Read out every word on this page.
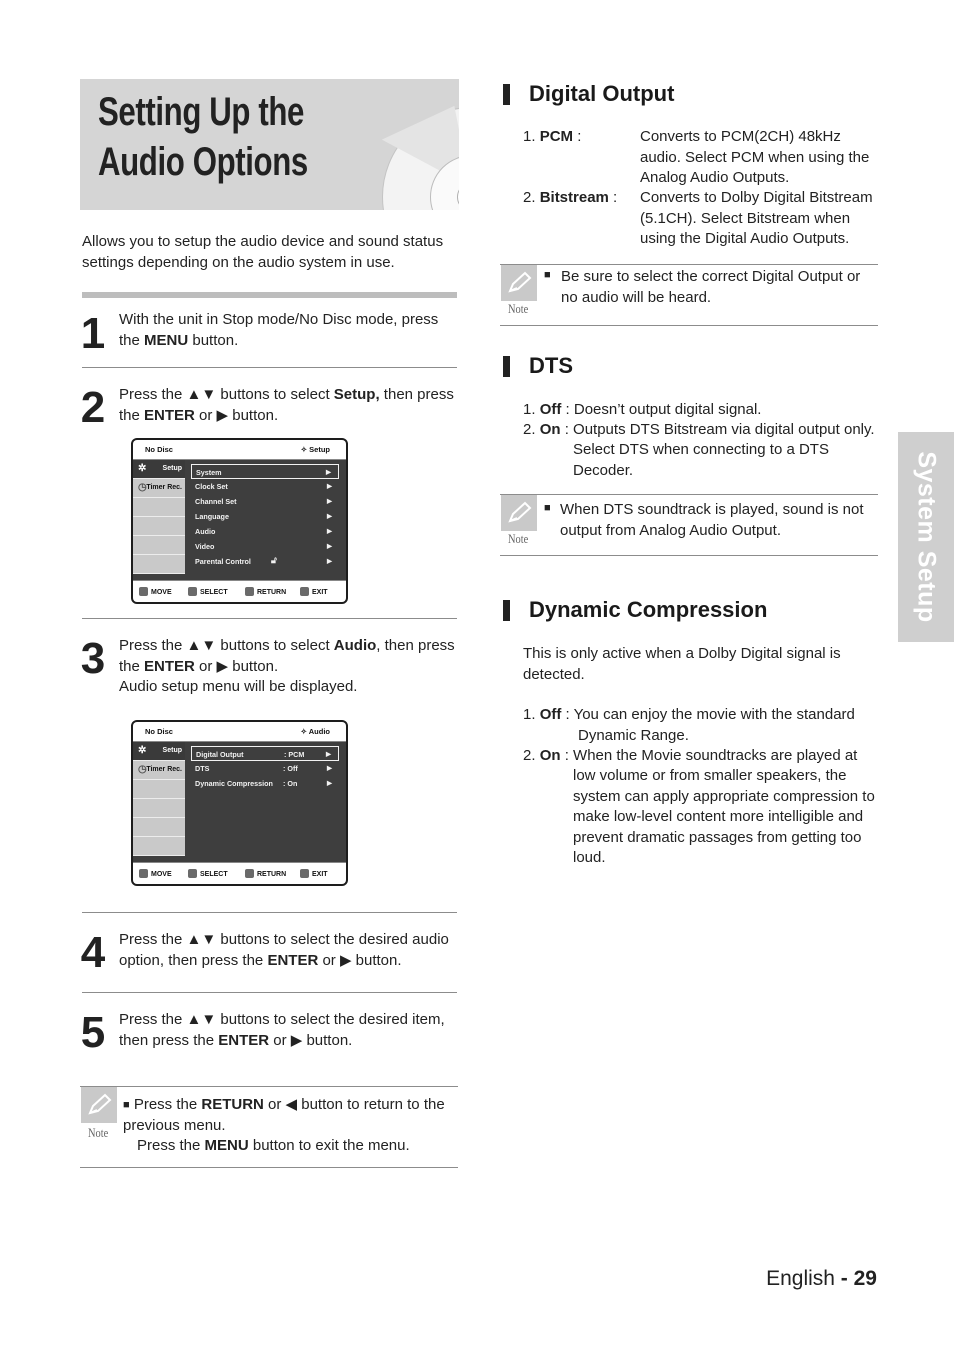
Setting Up the Audio Options
Allows you to setup the audio device and sound status settings depending on the audio system in use.
1 With the unit in Stop mode/No Disc mode, press the MENU button.
2 Press the ▲▼ buttons to select Setup, then press the ENTER or ▶ button.
No Disc	✧ Setup
✲ Setup
◷ Timer Rec.
System	▶
Clock Set	▶
Channel Set	▶
Language	▶
Audio	▶
Video	▶
Parental Control 🔓︎	▶
MOVE	SELECT	RETURN	EXIT
3 Press the ▲▼ buttons to select Audio, then press the ENTER or ▶ button.
Audio setup menu will be displayed.
No Disc	✧ Audio
✲ Setup
◷ Timer Rec.
Digital Output	: PCM	▶
DTS	: Off	▶
Dynamic Compression : On	▶
MOVE	SELECT	RETURN	EXIT
4 Press the ▲▼ buttons to select the desired audio option, then press the ENTER or ▶ button.
5 Press the ▲▼ buttons to select the desired item, then press the ENTER or ▶ button.
Note
■ Press the RETURN or ◀ button to return to the previous menu.
Press the MENU button to exit the menu.
Digital Output
1. PCM :	Converts to PCM(2CH) 48kHz audio. Select PCM when using the Analog Audio Outputs.
2. Bitstream : Converts to Dolby Digital Bitstream (5.1CH). Select Bitstream when using the Digital Audio Outputs.
Note
■ Be sure to select the correct Digital Output or no audio will be heard.
DTS
1. Off : Doesn’t output digital signal.
2. On : Outputs DTS Bitstream via digital output only.
Select DTS when connecting to a DTS Decoder.
Note
■ When DTS soundtrack is played, sound is not output from Analog Audio Output.
Dynamic Compression
This is only active when a Dolby Digital signal is detected.
1. Off : You can enjoy the movie with the standard
Dynamic Range.
2. On : When the Movie soundtracks are played at
low volume or from smaller speakers, the system can apply appropriate compression to make low-level content more intelligible and prevent dramatic passages from getting too loud.
System Setup
English - 29
